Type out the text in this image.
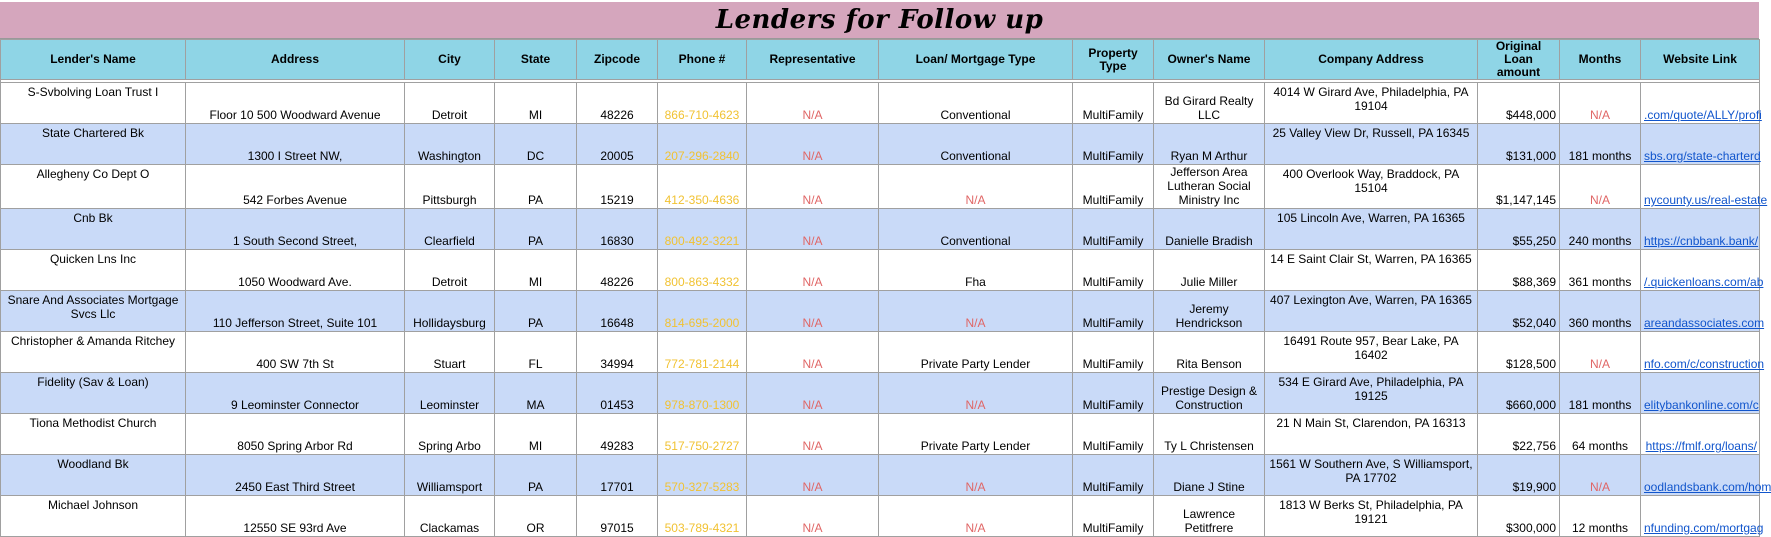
Lenders for Follow up
Lender's Name	Address	City	State	Zipcode	Phone #	Representative	Loan/ Mortgage Type	Property Type	Owner's Name	Company Address	Original Loan amount	Months	Website Link

S-Svbolving Loan Trust I	Floor 10 500 Woodward Avenue	Detroit	MI	48226	866-710-4623	N/A	Conventional	MultiFamily	Bd Girard Realty LLC	4014 W Girard Ave, Philadelphia, PA 19104	$448,000	N/A	.com/quote/ALLY/profi
State Chartered Bk	1300 I Street NW,	Washington	DC	20005	207-296-2840	N/A	Conventional	MultiFamily	Ryan M Arthur	25 Valley View Dr, Russell, PA 16345	$131,000	181 months	sbs.org/state-charterd
Allegheny Co Dept O	542 Forbes Avenue	Pittsburgh	PA	15219	412-350-4636	N/A	N/A	MultiFamily	Jefferson Area Lutheran Social Ministry Inc	400 Overlook Way, Braddock, PA 15104	$1,147,145	N/A	nycounty.us/real-estate
Cnb Bk	1 South Second Street,	Clearfield	PA	16830	800-492-3221	N/A	Conventional	MultiFamily	Danielle Bradish	105 Lincoln Ave, Warren, PA 16365	$55,250	240 months	https://cnbbank.bank/
Quicken Lns Inc	1050 Woodward Ave.	Detroit	MI	48226	800-863-4332	N/A	Fha	MultiFamily	Julie Miller	14 E Saint Clair St, Warren, PA 16365	$88,369	361 months	/.quickenloans.com/ab
Snare And Associates Mortgage Svcs Llc	110 Jefferson Street, Suite 101	Hollidaysburg	PA	16648	814-695-2000	N/A	N/A	MultiFamily	Jeremy Hendrickson	407 Lexington Ave, Warren, PA 16365	$52,040	360 months	areandassociates.com
Christopher & Amanda Ritchey	400 SW 7th St	Stuart	FL	34994	772-781-2144	N/A	Private Party Lender	MultiFamily	Rita Benson	16491 Route 957, Bear Lake, PA 16402	$128,500	N/A	nfo.com/c/construction
Fidelity (Sav & Loan)	9 Leominster Connector	Leominster	MA	01453	978-870-1300	N/A	N/A	MultiFamily	Prestige Design & Construction	534 E Girard Ave, Philadelphia, PA 19125	$660,000	181 months	elitybankonline.com/c
Tiona Methodist Church	8050 Spring Arbor Rd	Spring Arbo	MI	49283	517-750-2727	N/A	Private Party Lender	MultiFamily	Ty L Christensen	21 N Main St, Clarendon, PA 16313	$22,756	64 months	https://fmlf.org/loans/
Woodland Bk	2450 East Third Street	Williamsport	PA	17701	570-327-5283	N/A	N/A	MultiFamily	Diane J Stine	1561 W Southern Ave, S Williamsport, PA 17702	$19,900	N/A	oodlandsbank.com/hom
Michael Johnson	12550 SE 93rd Ave	Clackamas	OR	97015	503-789-4321	N/A	N/A	MultiFamily	Lawrence Petitfrere	1813 W Berks St, Philadelphia, PA 19121	$300,000	12 months	nfunding.com/mortgag
